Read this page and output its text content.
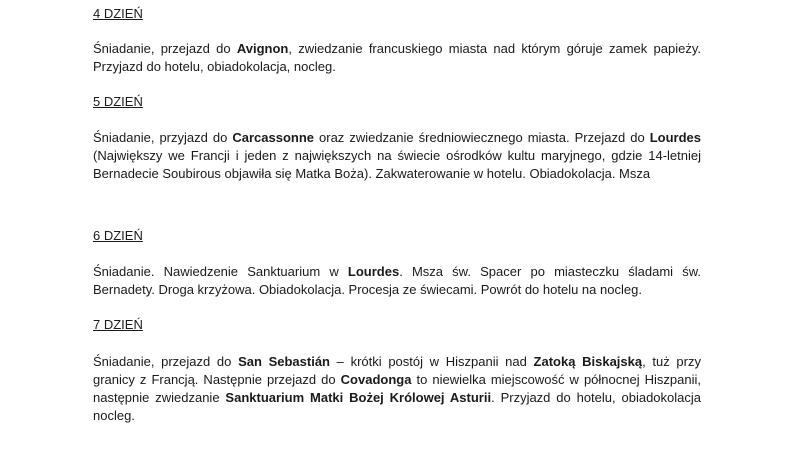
4 DZIEŃ

Śniadanie, przejazd do Avignon, zwiedzanie francuskiego miasta nad którym góruje zamek papieży. Przyjazd do hotelu, obiadokolacja, nocleg.

5 DZIEŃ

Śniadanie, przyjazd do Carcassonne oraz zwiedzanie średniowiecznego miasta. Przejazd do Lourdes (Największy we Francji i jeden z największych na świecie ośrodków kultu maryjnego, gdzie 14-letniej Bernadecie Soubirous objawiła się Matka Boża). Zakwaterowanie w hotelu. Obiadokolacja. Msza

6 DZIEŃ

Śniadanie. Nawiedzenie Sanktuarium w Lourdes. Msza św. Spacer po miasteczku śladami św. Bernadety. Droga krzyżowa. Obiadokolacja. Procesja ze świecami. Powrót do hotelu na nocleg.

7 DZIEŃ

Śniadanie, przejazd do San Sebastián – krótki postój w Hiszpanii nad Zatoką Biskajską, tuż przy granicy z Francją. Następnie przejazd do Covadonga to niewielka miejscowość w północnej Hiszpanii, następnie zwiedzanie Sanktuarium Matki Bożej Królowej Asturii. Przyjazd do hotelu, obiadokolacja nocleg.
